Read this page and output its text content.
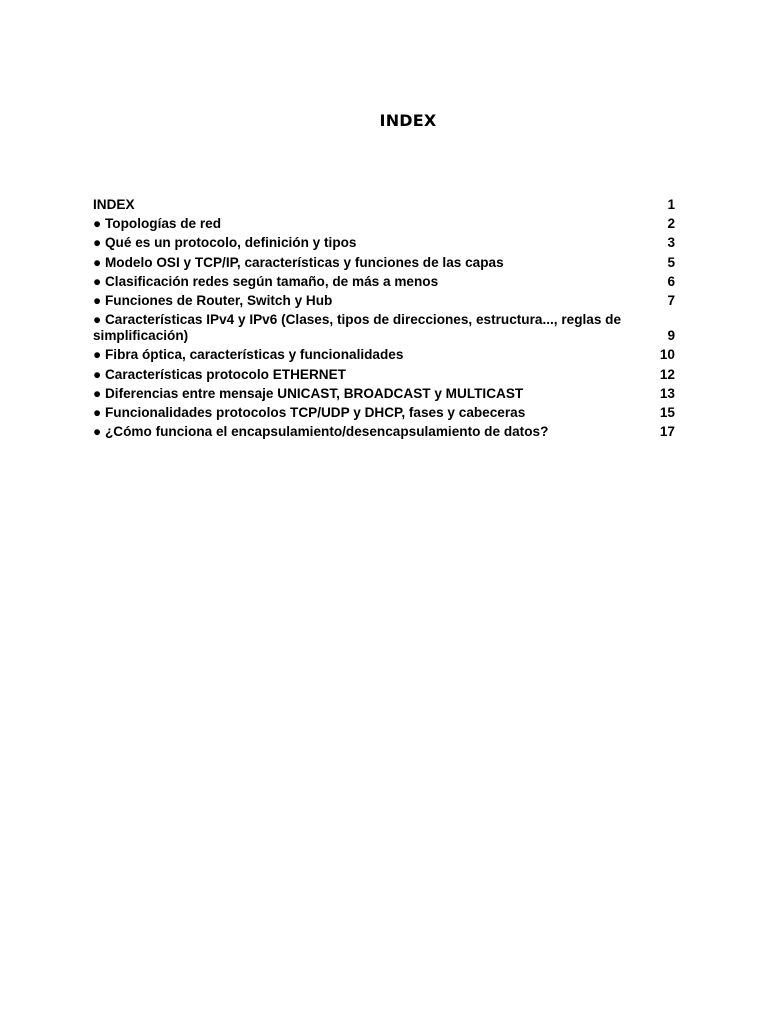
INDEX
INDEX	1
● Topologías de red	2
● Qué es un protocolo, definición y tipos	3
● Modelo OSI y TCP/IP, características y funciones de las capas	5
● Clasificación redes según tamaño, de más a menos	6
● Funciones de Router, Switch y Hub	7
● Características IPv4 y IPv6 (Clases, tipos de direcciones, estructura..., reglas de simplificación)	9
● Fibra óptica, características y funcionalidades	10
● Características protocolo ETHERNET	12
● Diferencias entre mensaje UNICAST, BROADCAST y MULTICAST	13
● Funcionalidades protocolos TCP/UDP y DHCP, fases y cabeceras	15
● ¿Cómo funciona el encapsulamiento/desencapsulamiento de datos?	17
